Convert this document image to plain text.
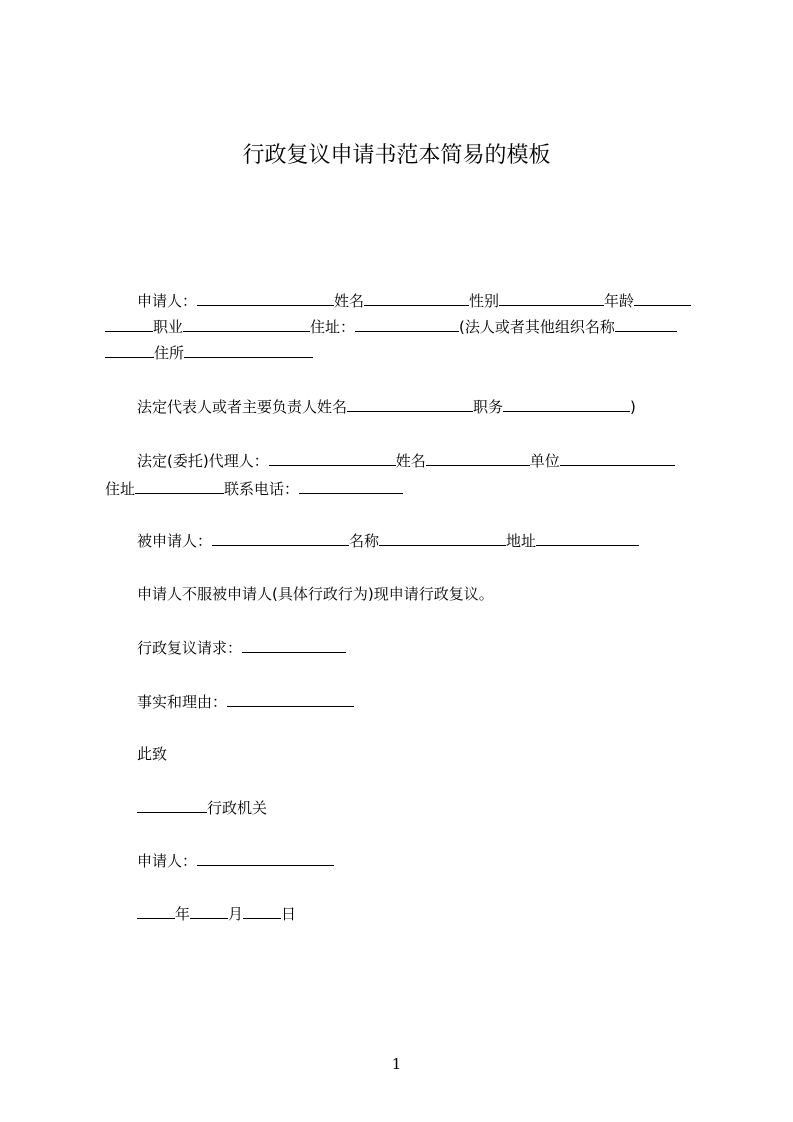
行政复议申请书范本简易的模板
申请人：	姓名	性别	年龄
职业	住址：	(法人或者其他组织名称
住所
法定代表人或者主要负责人姓名	职务	)
法定(委托)代理人：	姓名	单位
住址	联系电话：
被申请人：	名称	地址
申请人不服被申请人(具体行政行为)现申请行政复议。
行政复议请求：
事实和理由：
此致
行政机关
申请人：
年	月	日
1
